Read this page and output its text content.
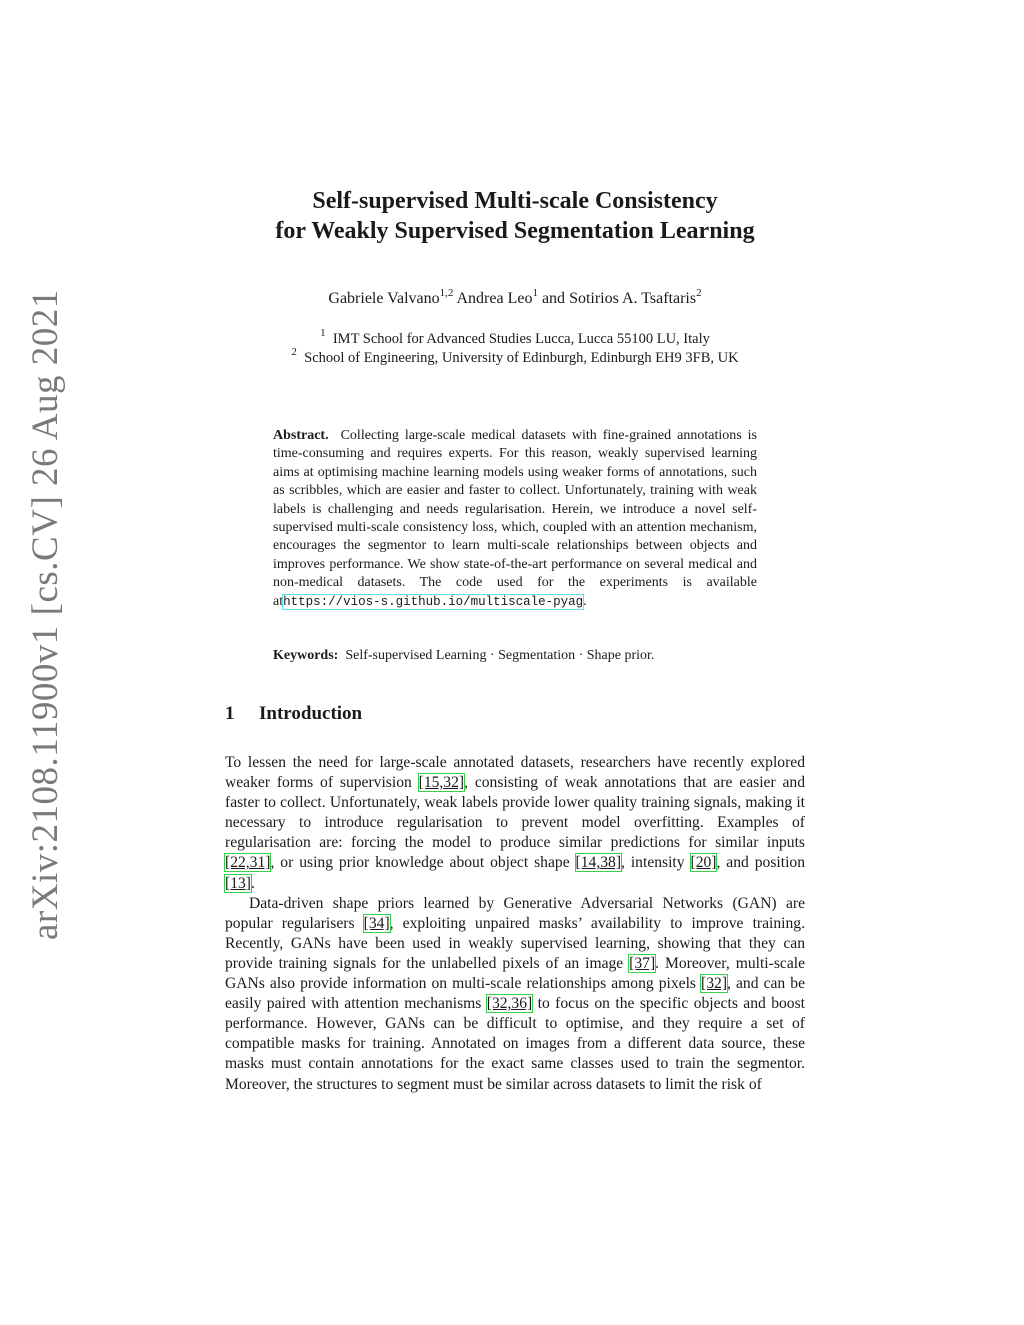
arXiv:2108.11900v1 [cs.CV] 26 Aug 2021
Self-supervised Multi-scale Consistency
for Weakly Supervised Segmentation Learning
Gabriele Valvano$^{1,2}$ Andrea Leo$^1$ and Sotirios A. Tsaftaris$^2$
$^1$ IMT School for Advanced Studies Lucca, Lucca 55100 LU, Italy
$^2$ School of Engineering, University of Edinburgh, Edinburgh EH9 3FB, UK
Abstract. Collecting large-scale medical datasets with fine-grained annotations is time-consuming and requires experts. For this reason, weakly supervised learning aims at optimising machine learning models using weaker forms of annotations, such as scribbles, which are easier and faster to collect. Unfortunately, training with weak labels is challenging and needs regularisation. Herein, we introduce a novel self-supervised multi-scale consistency loss, which, coupled with an attention mechanism, encourages the segmentor to learn multi-scale relationships between objects and improves performance. We show state-of-the-art performance on several medical and non-medical datasets. The code used for the experiments is available athttps://vios-s.github.io/multiscale-pyag.
Keywords: Self-supervised Learning · Segmentation · Shape prior.
1 Introduction

To lessen the need for large-scale annotated datasets, researchers have recently explored weaker forms of supervision [15,32], consisting of weak annotations that are easier and faster to collect. Unfortunately, weak labels provide lower quality training signals, making it necessary to introduce regularisation to prevent model overfitting. Examples of regularisation are: forcing the model to produce similar predictions for similar inputs [22,31], or using prior knowledge about object shape [14,38], intensity [20], and position [13].

Data-driven shape priors learned by Generative Adversarial Networks (GAN) are popular regularisers [34], exploiting unpaired masks’ availability to improve training. Recently, GANs have been used in weakly supervised learning, showing that they can provide training signals for the unlabelled pixels of an image [37]. Moreover, multi-scale GANs also provide information on multi-scale relationships among pixels [32], and can be easily paired with attention mechanisms [32,36] to focus on the specific objects and boost performance. However, GANs can be difficult to optimise, and they require a set of compatible masks for training. Annotated on images from a different data source, these masks must contain annotations for the exact same classes used to train the segmentor. Moreover, the structures to segment must be similar across datasets to limit the risk of
